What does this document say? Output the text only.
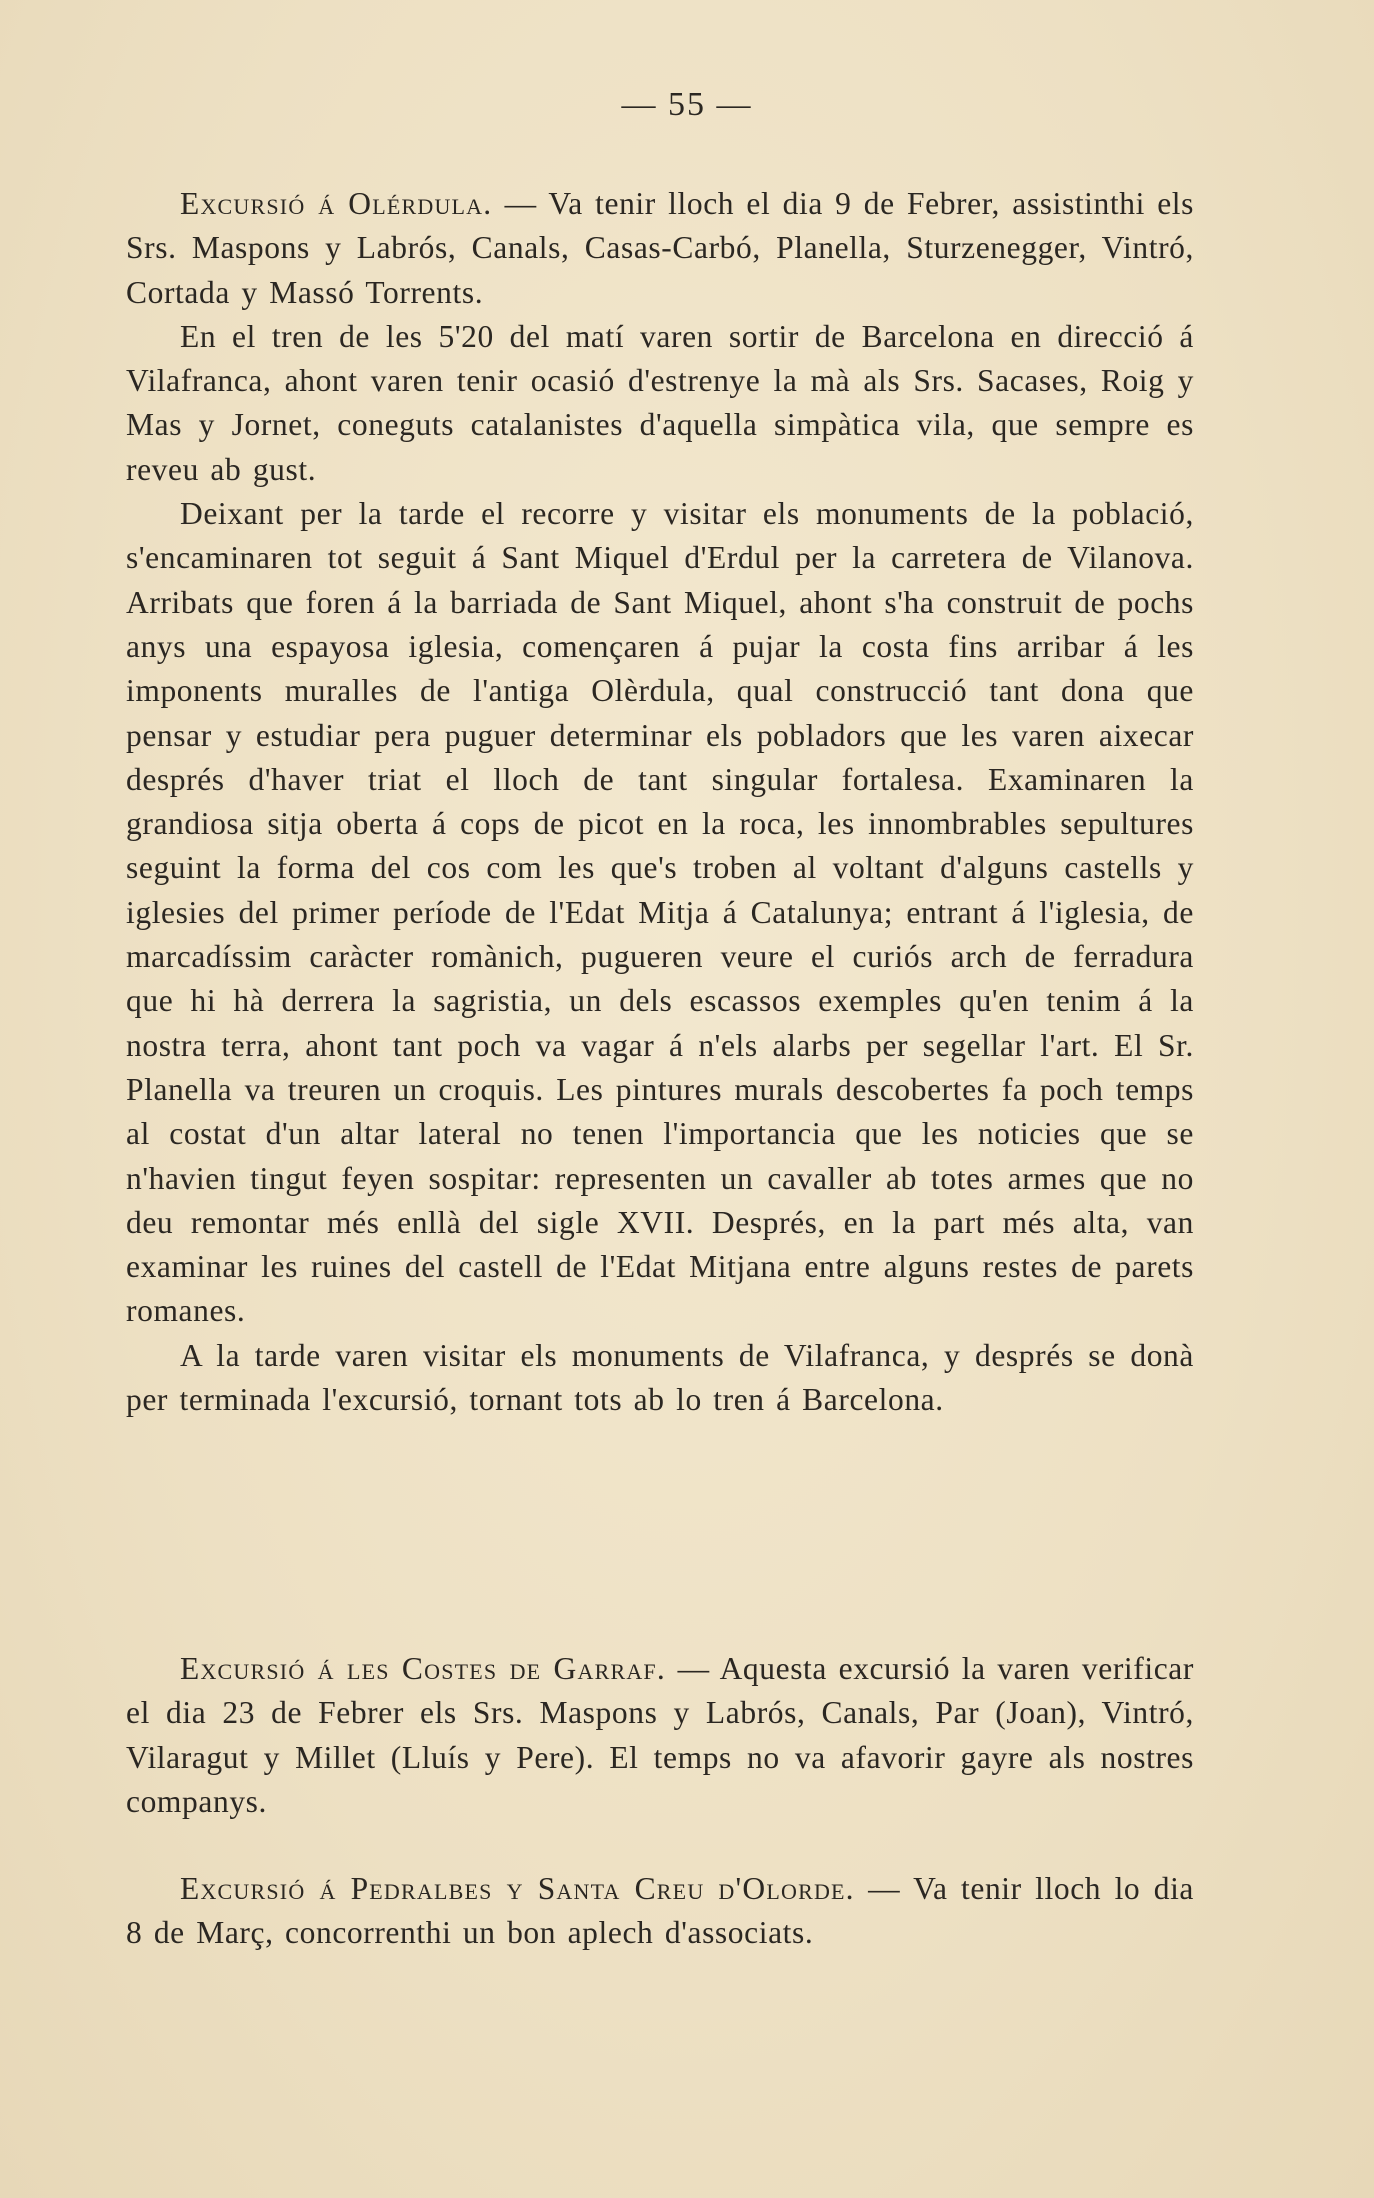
— 55 —

Excursió á Olérdula. — Va tenir lloch el dia 9 de Febrer, assistinthi els Srs. Maspons y Labrós, Canals, Casas-Carbó, Planella, Sturzenegger, Vintró, Cortada y Massó Torrents.

En el tren de les 5'20 del matí varen sortir de Barcelona en direcció á Vilafranca, ahont varen tenir ocasió d'estrenye la mà als Srs. Sacases, Roig y Mas y Jornet, coneguts catalanistes d'aquella simpàtica vila, que sempre es reveu ab gust.

Deixant per la tarde el recorre y visitar els monuments de la població, s'encaminaren tot seguit á Sant Miquel d'Erdul per la carretera de Vilanova. Arribats que foren á la barriada de Sant Miquel, ahont s'ha construit de pochs anys una espayosa iglesia, començaren á pujar la costa fins arribar á les imponents muralles de l'antiga Olèrdula, qual construcció tant dona que pensar y estudiar pera puguer determinar els pobladors que les varen aixecar després d'haver triat el lloch de tant singular fortalesa. Examinaren la grandiosa sitja oberta á cops de picot en la roca, les innombrables sepultures seguint la forma del cos com les que's troben al voltant d'alguns castells y iglesies del primer període de l'Edat Mitja á Catalunya; entrant á l'iglesia, de marcadíssim caràcter romànich, pugueren veure el curiós arch de ferradura que hi hà derrera la sagristia, un dels escassos exemples qu'en tenim á la nostra terra, ahont tant poch va vagar á n'els alarbs per segellar l'art. El Sr. Planella va treuren un croquis. Les pintures murals descobertes fa poch temps al costat d'un altar lateral no tenen l'importancia que les noticies que se n'havien tingut feyen sospitar: representen un cavaller ab totes armes que no deu remontar més enllà del sigle XVII. Després, en la part més alta, van examinar les ruines del castell de l'Edat Mitjana entre alguns restes de parets romanes.

A la tarde varen visitar els monuments de Vilafranca, y després se donà per terminada l'excursió, tornant tots ab lo tren á Barcelona.

Excursió á les Costes de Garraf. — Aquesta excursió la varen verificar el dia 23 de Febrer els Srs. Maspons y Labrós, Canals, Par (Joan), Vintró, Vilaragut y Millet (Lluís y Pere). El temps no va afavorir gayre als nostres companys.

Excursió á Pedralbes y Santa Creu d'Olorde. — Va tenir lloch lo dia 8 de Març, concorrenthi un bon aplech d'associats.
